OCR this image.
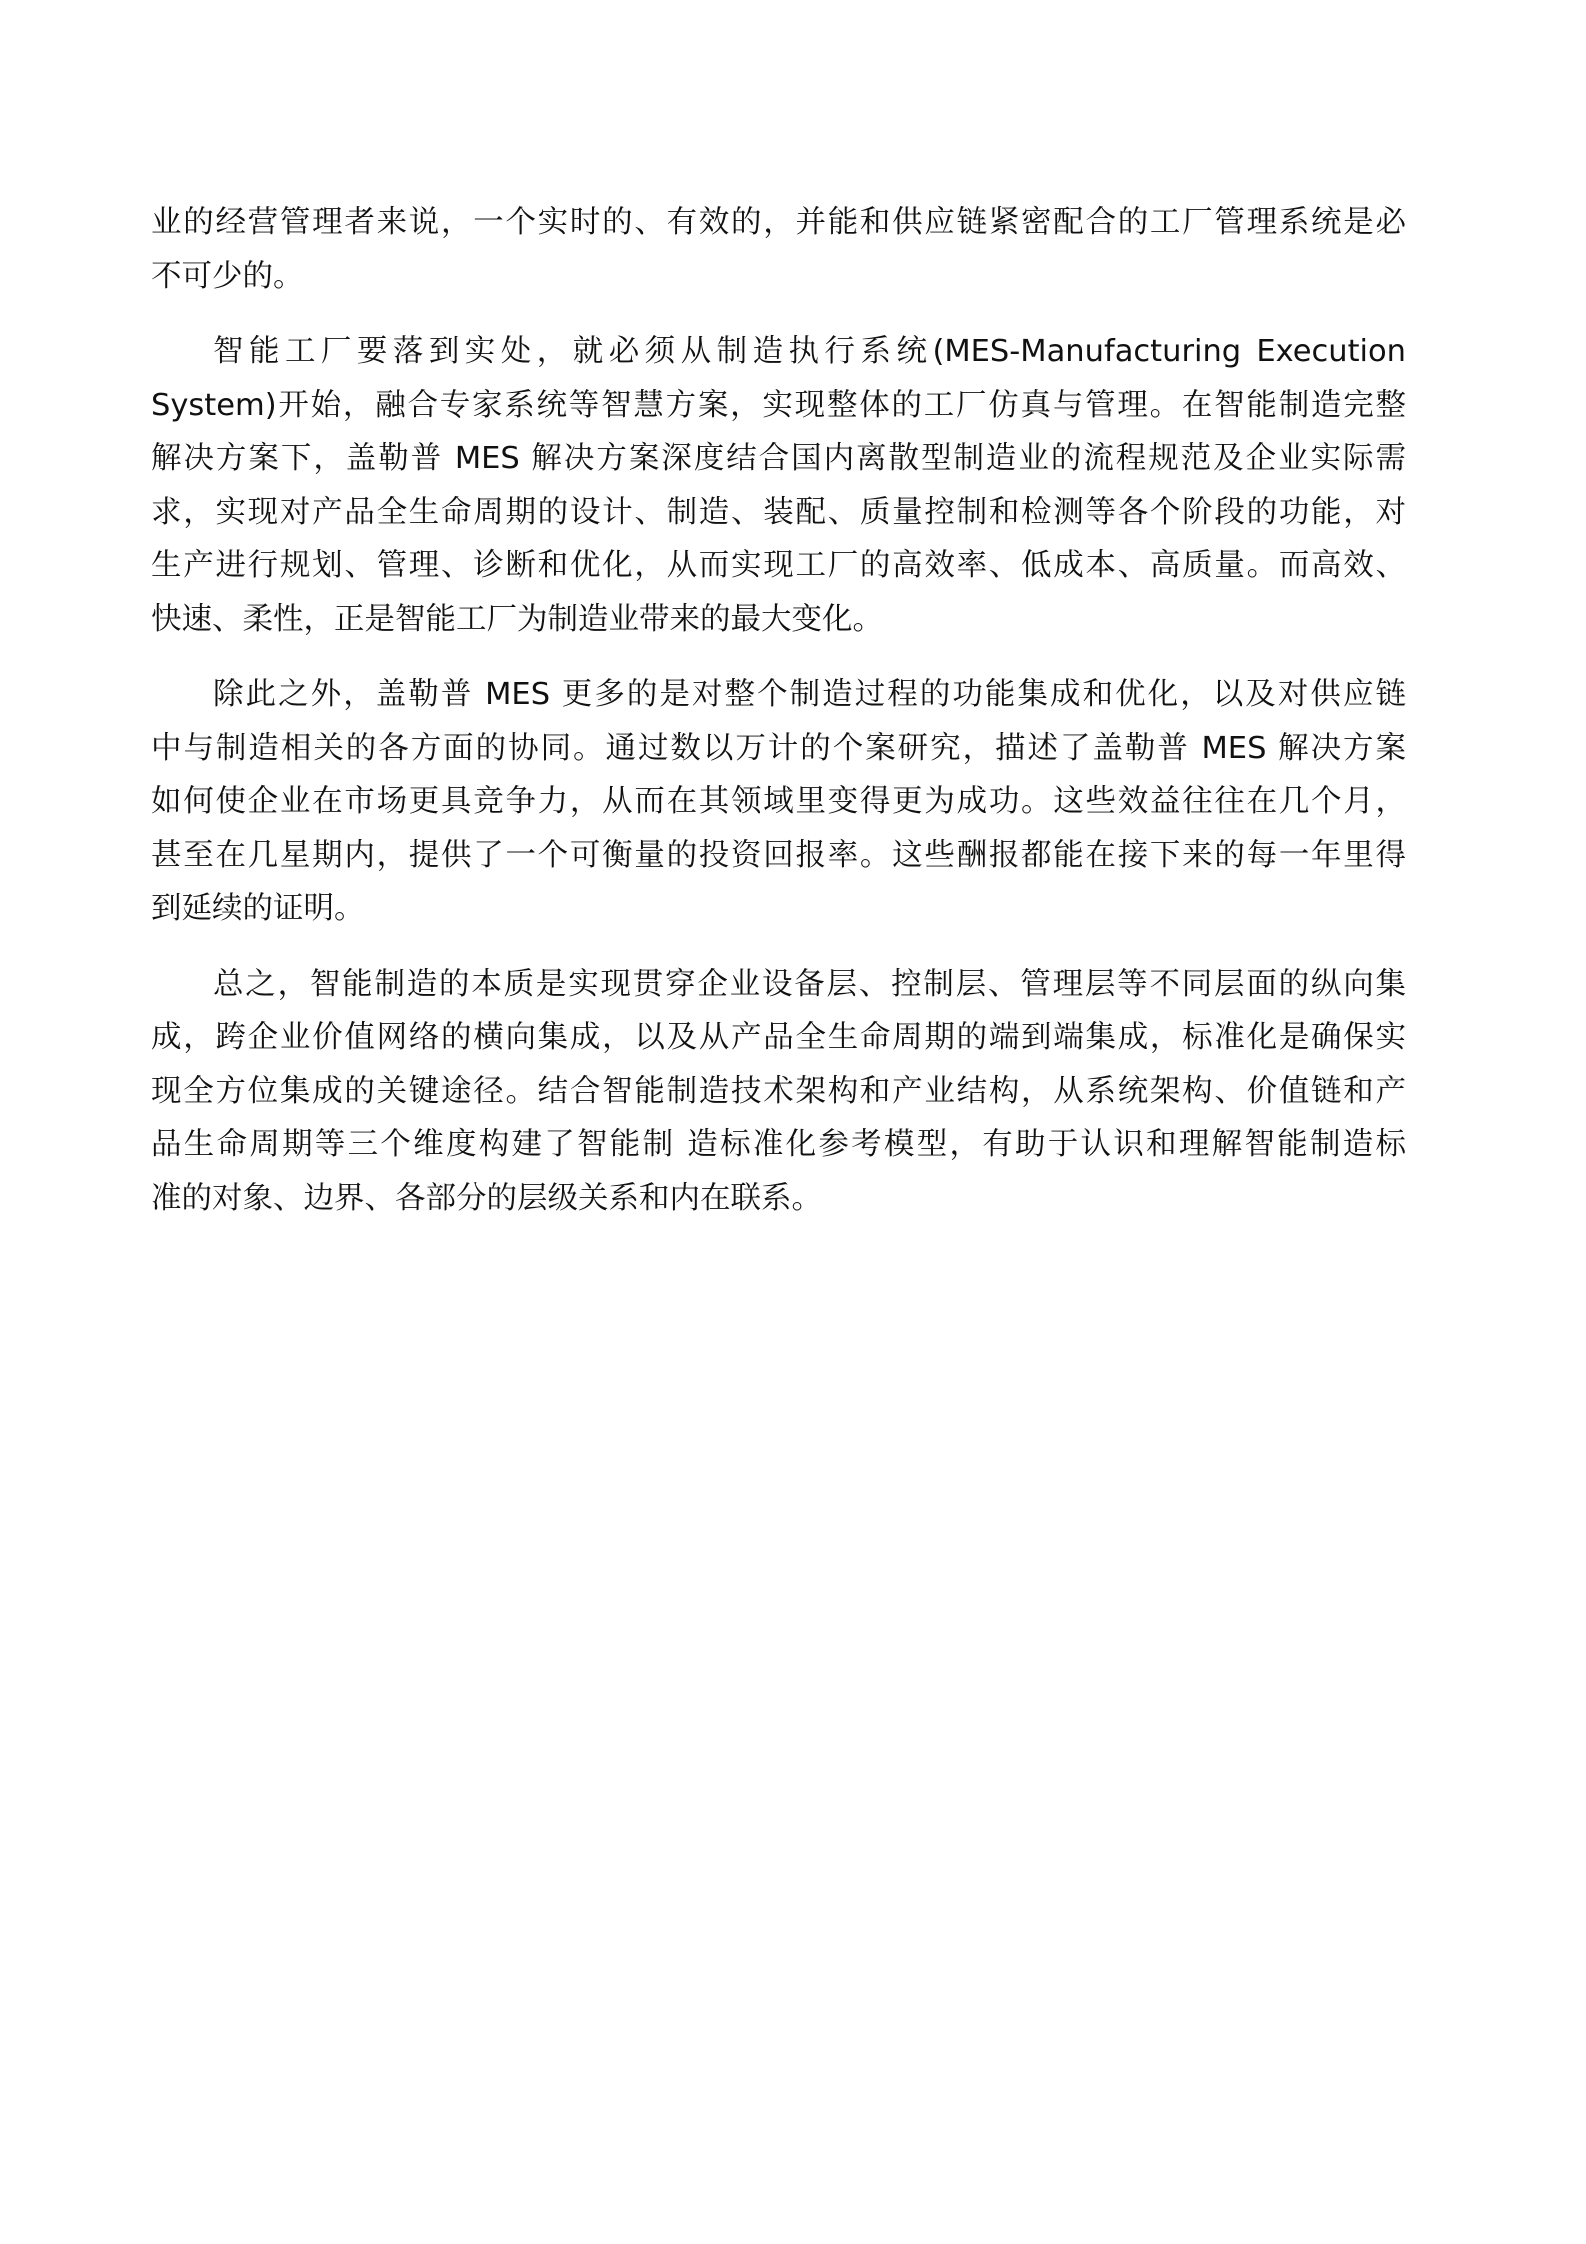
业的经营管理者来说，一个实时的、有效的，并能和供应链紧密配合的工厂管理系统是必
不可少的。
智能工厂要落到实处，就必须从制造执行系统(MES-Manufacturing Execution
System)开始，融合专家系统等智慧方案，实现整体的工厂仿真与管理。在智能制造完整
解决方案下，盖勒普 MES 解决方案深度结合国内离散型制造业的流程规范及企业实际需
求，实现对产品全生命周期的设计、制造、装配、质量控制和检测等各个阶段的功能，对
生产进行规划、管理、诊断和优化，从而实现工厂的高效率、低成本、高质量。而高效、
快速、柔性，正是智能工厂为制造业带来的最大变化。
除此之外，盖勒普 MES 更多的是对整个制造过程的功能集成和优化，以及对供应链
中与制造相关的各方面的协同。通过数以万计的个案研究，描述了盖勒普 MES 解决方案
如何使企业在市场更具竞争力，从而在其领域里变得更为成功。这些效益往往在几个月，
甚至在几星期内，提供了一个可衡量的投资回报率。这些酬报都能在接下来的每一年里得
到延续的证明。
总之，智能制造的本质是实现贯穿企业设备层、控制层、管理层等不同层面的纵向集
成，跨企业价值网络的横向集成，以及从产品全生命周期的端到端集成，标准化是确保实
现全方位集成的关键途径。结合智能制造技术架构和产业结构，从系统架构、价值链和产
品生命周期等三个维度构建了智能制 造标准化参考模型，有助于认识和理解智能制造标
准的对象、边界、各部分的层级关系和内在联系。
